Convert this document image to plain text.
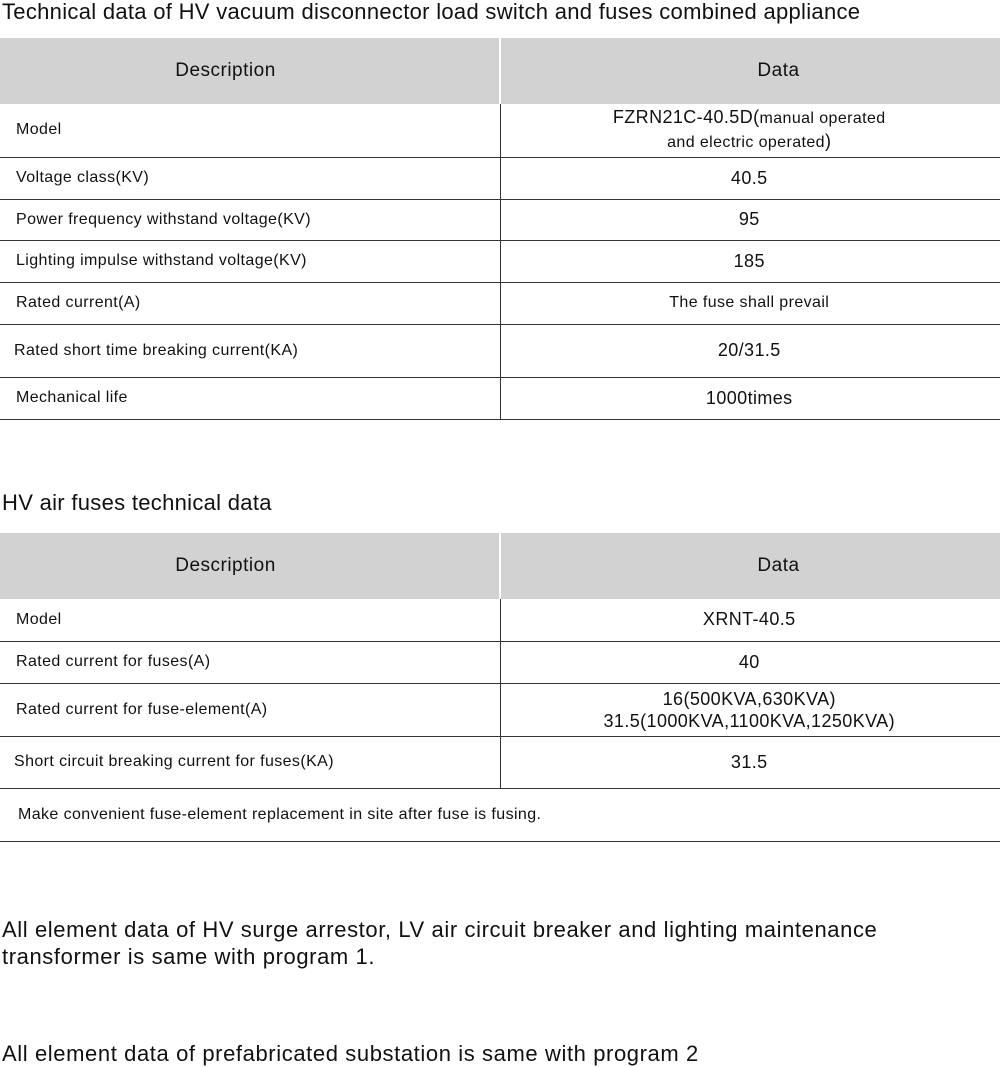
Technical data of HV vacuum disconnector load switch and fuses combined appliance
Description	Data
Model	FZRN21C-40.5D(manual operated
and electric operated)
Voltage class(KV)	40.5
Power frequency withstand voltage(KV)	95
Lighting impulse withstand voltage(KV)	185
Rated current(A)	The fuse shall prevail
Rated short time breaking current(KA)	20/31.5
Mechanical life	1000times
HV air fuses technical data
Description	Data
Model	XRNT-40.5
Rated current for fuses(A)	40
Rated current for fuse-element(A)	16(500KVA,630KVA)
31.5(1000KVA,1100KVA,1250KVA)
Short circuit breaking current for fuses(KA)	31.5
Make convenient fuse-element replacement in site after fuse is fusing.	
All element data of HV surge arrestor, LV air circuit breaker and lighting maintenance transformer is same with program 1.
All element data of prefabricated substation is same with program 2
